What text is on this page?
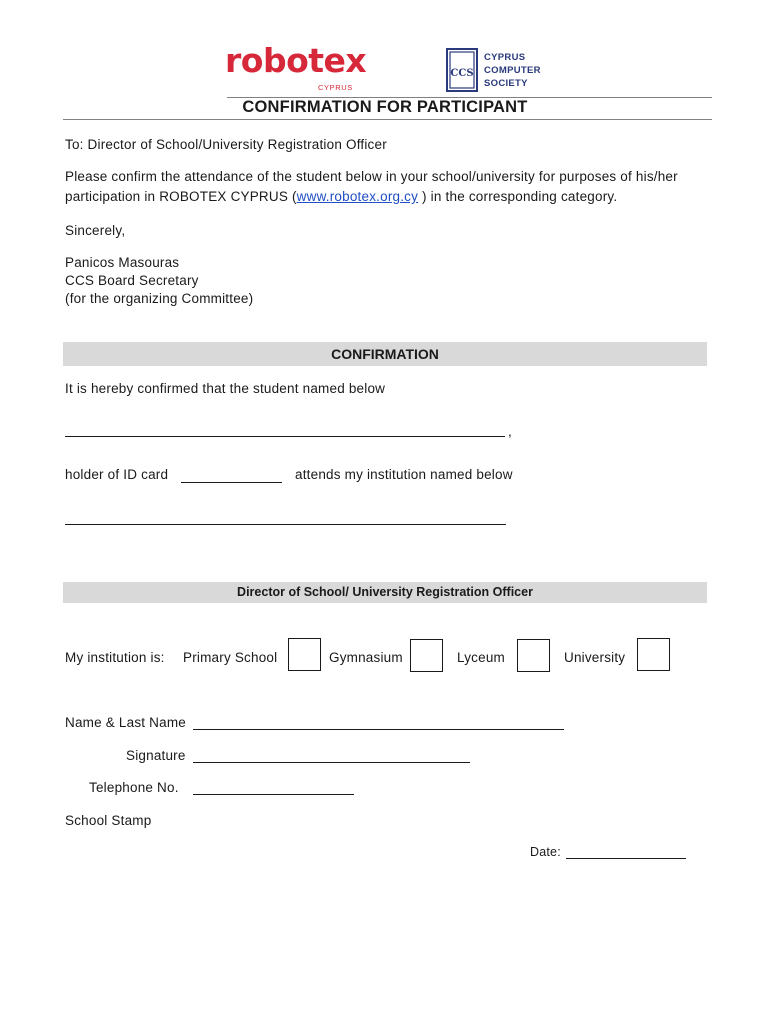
robotex
CYPRUS
CCS
CYPRUS
COMPUTER
SOCIETY
CONFIRMATION FOR PARTICIPANT
To: Director of School/University Registration Officer
Please confirm the attendance of the student below in your school/university for purposes of his/her
participation in ROBOTEX CYPRUS (www.robotex.org.cy ) in the corresponding category.
Sincerely,
Panicos Masouras
CCS Board Secretary
(for the organizing Committee)
CONFIRMATION
It is hereby confirmed that the student named below
,
holder of ID card	attends my institution named below
Director of School/ University Registration Officer
My institution is: Primary School	Gymnasium	Lyceum	University
Name & Last Name
Signature
Telephone No.
School Stamp
Date:
